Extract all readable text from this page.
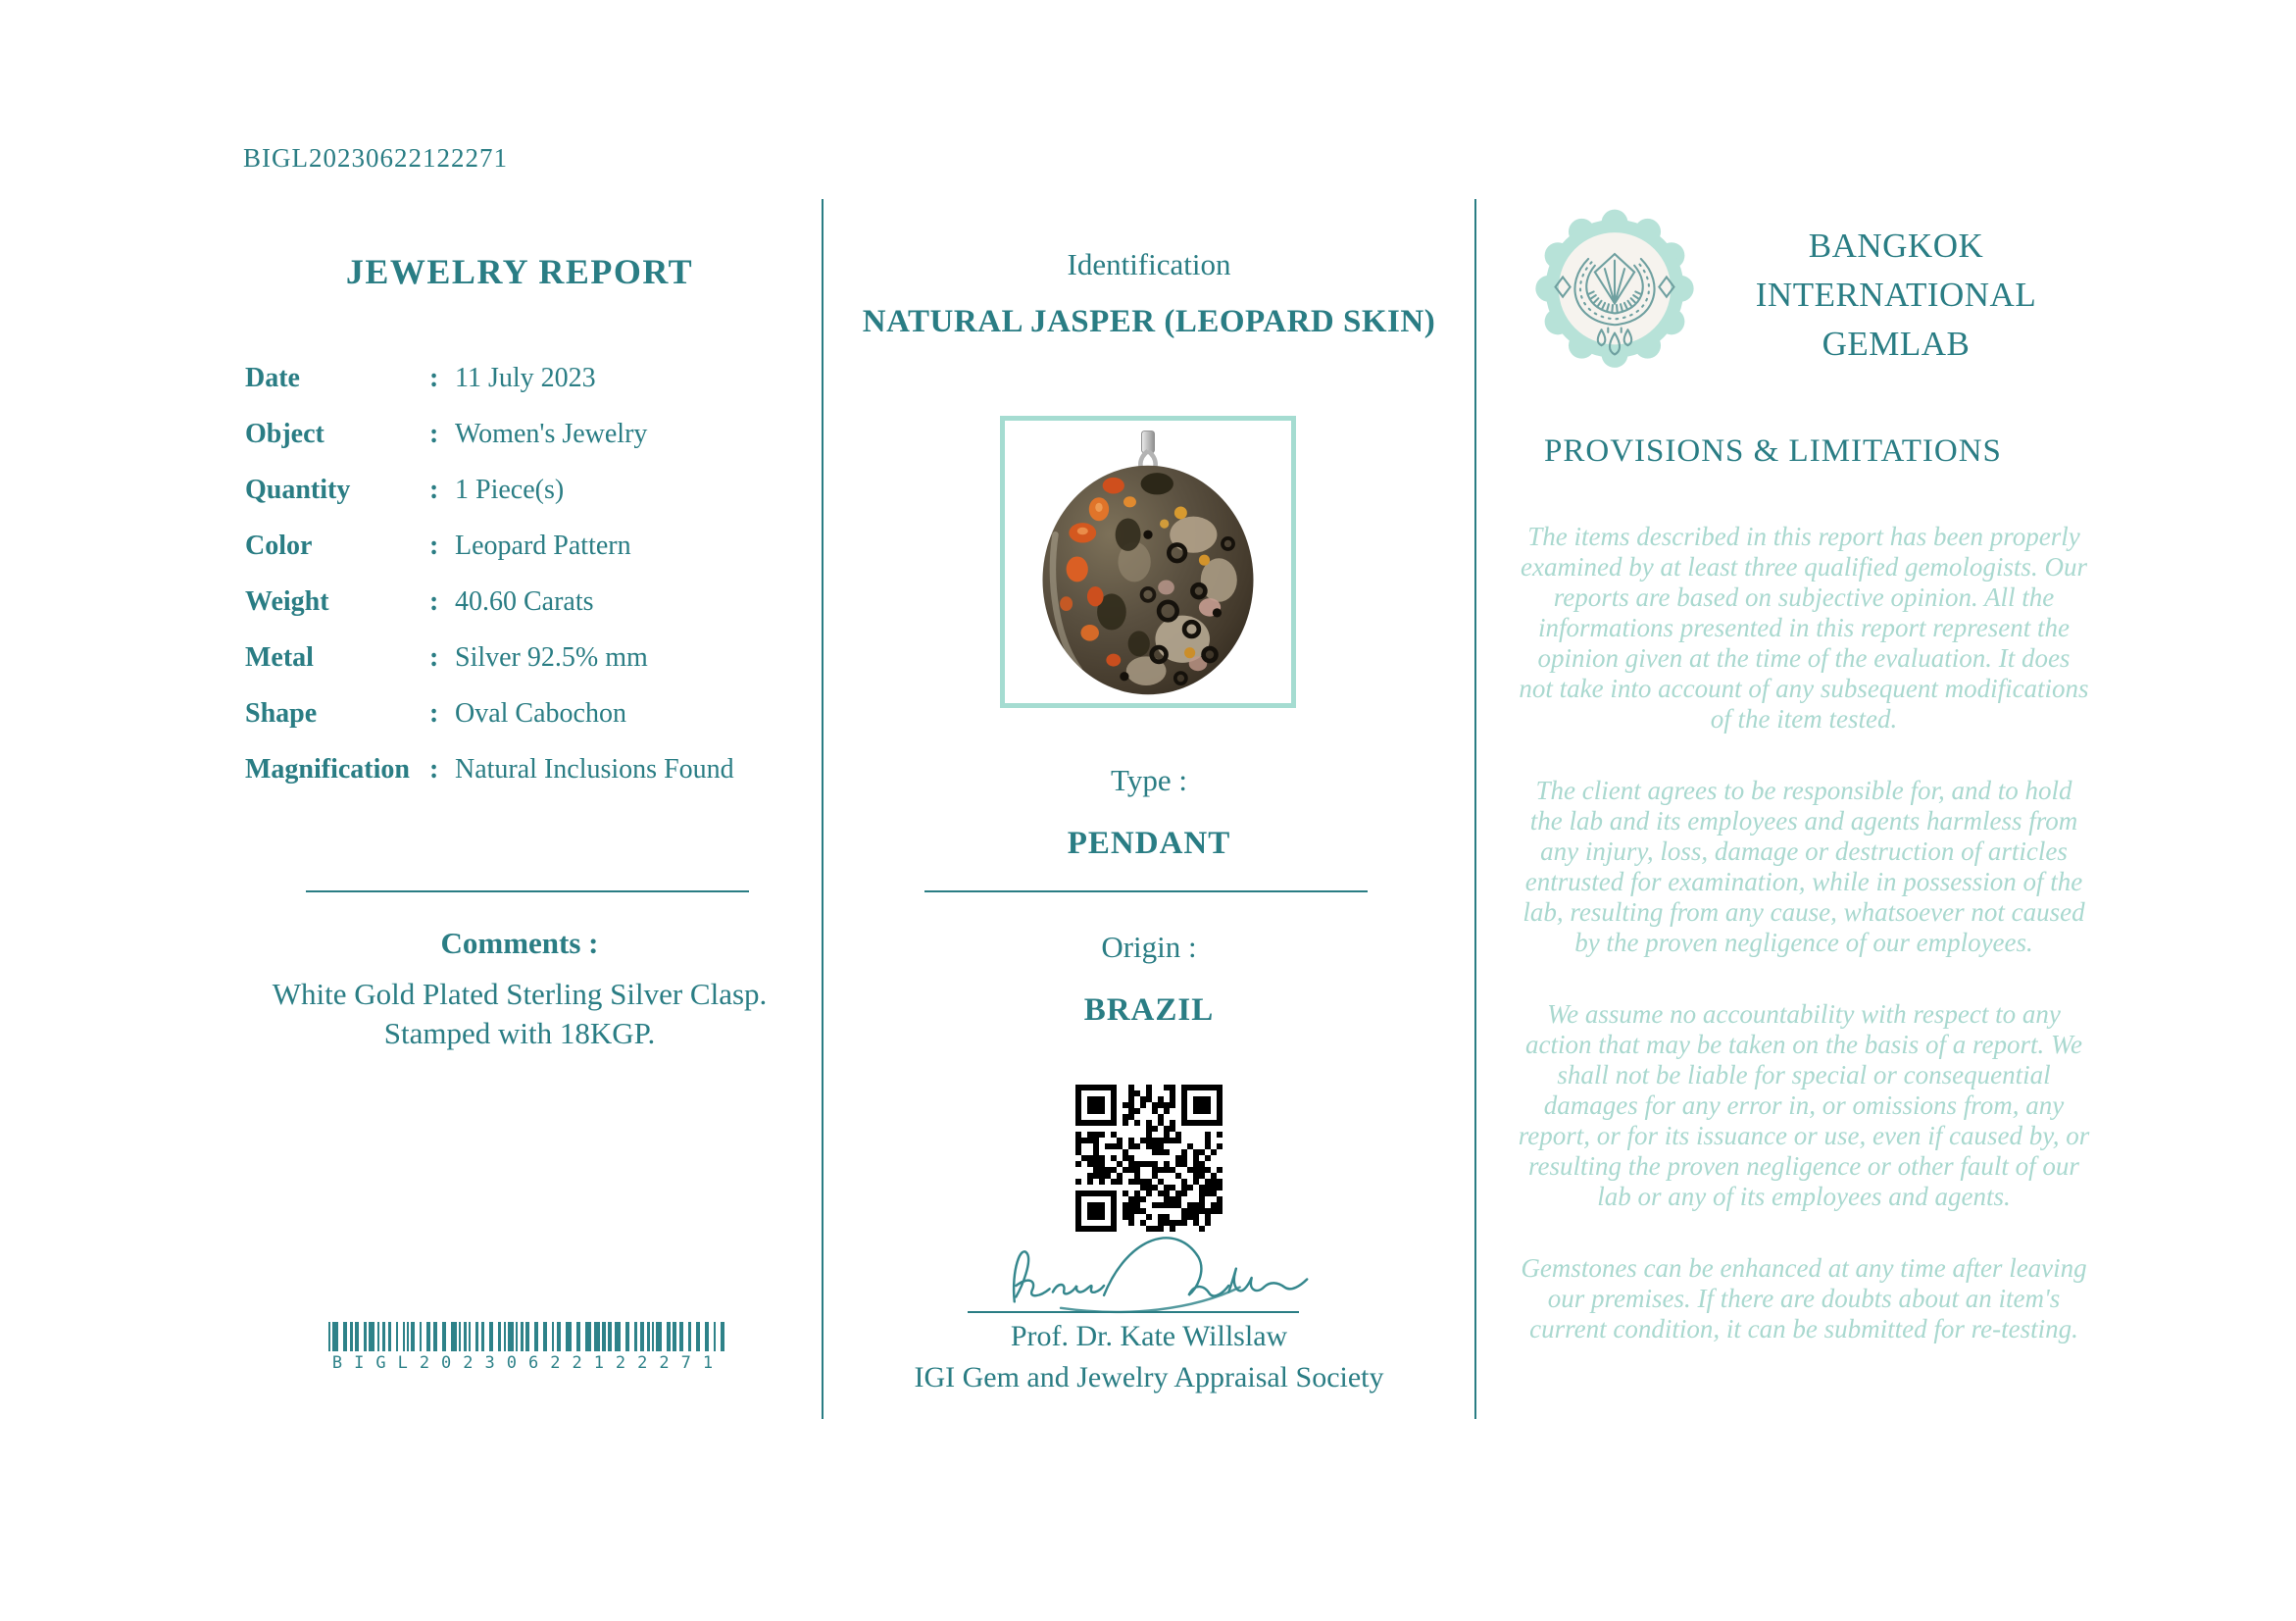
BIGL20230622122271
JEWELRY REPORT
Date	: 11 July 2023
Object	: Women's Jewelry
Quantity	: 1 Piece(s)
Color	: Leopard Pattern
Weight	: 40.60 Carats
Metal	: Silver 92.5% mm
Shape	: Oval Cabochon
Magnification : Natural Inclusions Found
Comments :
White Gold Plated Sterling Silver Clasp.
Stamped with 18KGP.
BIGL20230622122271
Identification
NATURAL JASPER (LEOPARD SKIN)
Type :
PENDANT
Origin :
BRAZIL
Prof. Dr. Kate Willslaw
IGI Gem and Jewelry Appraisal Society
BANGKOK
INTERNATIONAL
GEMLAB
PROVISIONS & LIMITATIONS

The items described in this report has been properly examined by at least three qualified gemologists. Our reports are based on subjective opinion. All the informations presented in this report represent the opinion given at the time of the evaluation. It does not take into account of any subsequent modifications of the item tested.

The client agrees to be responsible for, and to hold the lab and its employees and agents harmless from any injury, loss, damage or destruction of articles entrusted for examination, while in possession of the lab, resulting from any cause, whatsoever not caused by the proven negligence of our employees.

We assume no accountability with respect to any action that may be taken on the basis of a report. We shall not be liable for special or consequential damages for any error in, or omissions from, any report, or for its issuance or use, even if caused by, or resulting the proven negligence or other fault of our lab or any of its employees and agents.

Gemstones can be enhanced at any time after leaving our premises. If there are doubts about an item's current condition, it can be submitted for re-testing.
